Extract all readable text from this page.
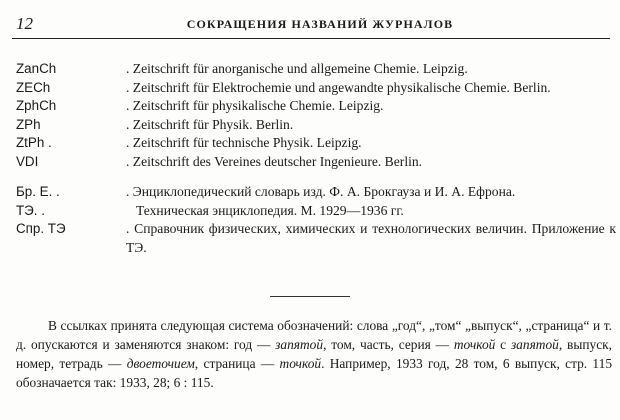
12	СОКРАЩЕНИЯ НАЗВАНИЙ ЖУРНАЛОВ
ZanCh	. Zeitschrift für anorganische und allgemeine Chemie. Leipzig.
ZECh	. Zeitschrift für Elektrochemie und angewandte physikalische Chemie. Berlin.
ZphCh	. Zeitschrift für physikalische Chemie. Leipzig.
ZPh	. Zeitschrift für Physik. Berlin.
ZtPh .	. Zeitschrift für technische Physik. Leipzig.
VDI	. Zeitschrift des Vereines deutscher Ingenieure. Berlin.
Бр. Е. .	. Энциклопедический словарь изд. Ф. А. Брокгауза и И. А. Ефрона.
ТЭ. .	Техническая энциклопедия. М. 1929—1936 гг.
Спр. ТЭ	. Справочник физических, химических и технологических величин. Приложение к ТЭ.
В ссылках принята следующая система обозначений: слова „год“, „том“ „выпуск“, „страница“ и т. д. опускаются и заменяются знаком: год — запятой, том, часть, серия — точкой с запятой, выпуск, номер, тетрадь — двоеточием, страница — точкой. Например, 1933 год, 28 том, 6 выпуск, стр. 115 обозначается так: 1933, 28; 6 : 115.
